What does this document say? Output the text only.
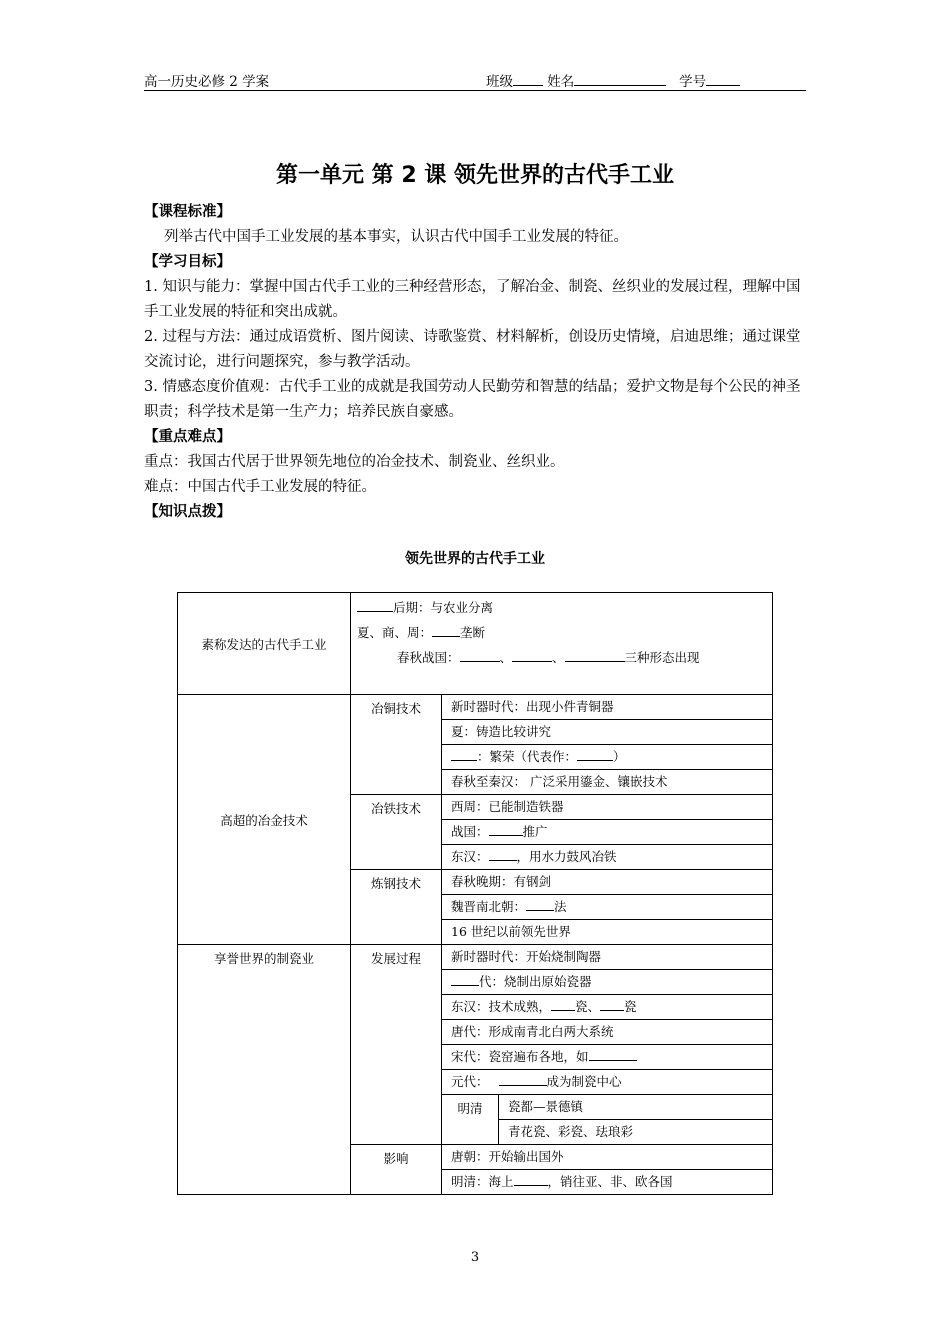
高一历史必修 2 学案	班级	姓名	学号
第一单元 第 2 课 领先世界的古代手工业

【课程标准】

列举古代中国手工业发展的基本事实，认识古代中国手工业发展的特征。

【学习目标】

1. 知识与能力：掌握中国古代手工业的三种经营形态，了解冶金、制瓷、丝织业的发展过程，理解中国手工业发展的特征和突出成就。

2. 过程与方法：通过成语赏析、图片阅读、诗歌鉴赏、材料解析，创设历史情境，启迪思维；通过课堂交流讨论，进行问题探究，参与教学活动。

3. 情感态度价值观：古代手工业的成就是我国劳动人民勤劳和智慧的结晶；爱护文物是每个公民的神圣职责；科学技术是第一生产力；培养民族自豪感。

【重点难点】

重点：我国古代居于世界领先地位的冶金技术、制瓷业、丝织业。

难点：中国古代手工业发展的特征。

【知识点拨】

领先世界的古代手工业
素称发达的古代手工业	后期：与农业分离
夏、商、周： 垄断
春秋战国： 、 、 三种形态出现		

高超的冶金技术	冶铜技术	新时器时代：出现小件青铜器	
		夏：铸造比较讲究	
		：繁荣（代表作： ）	
		春秋至秦汉： 广泛采用鎏金、镶嵌技术	
	冶铁技术	西周：已能制造铁器	
		战国： 推广	
		东汉： ，用水力鼓风冶铁	
	炼钢技术	春秋晚期：有钢剑	
		魏晋南北朝： 法	
		16 世纪以前领先世界	
享誉世界的制瓷业	发展过程	新时器时代：开始烧制陶器	
		代：烧制出原始瓷器	
		东汉：技术成熟， 瓷、 瓷	
		唐代：形成南青北白两大系统	
		宋代：瓷窑遍布各地，如	
		元代： 成为制瓷中心	
		明清	瓷都—景德镇
			青花瓷、彩瓷、珐琅彩
	影响	唐朝：开始输出国外	
		明清：海上 ，销往亚、非、欧各国	
3
